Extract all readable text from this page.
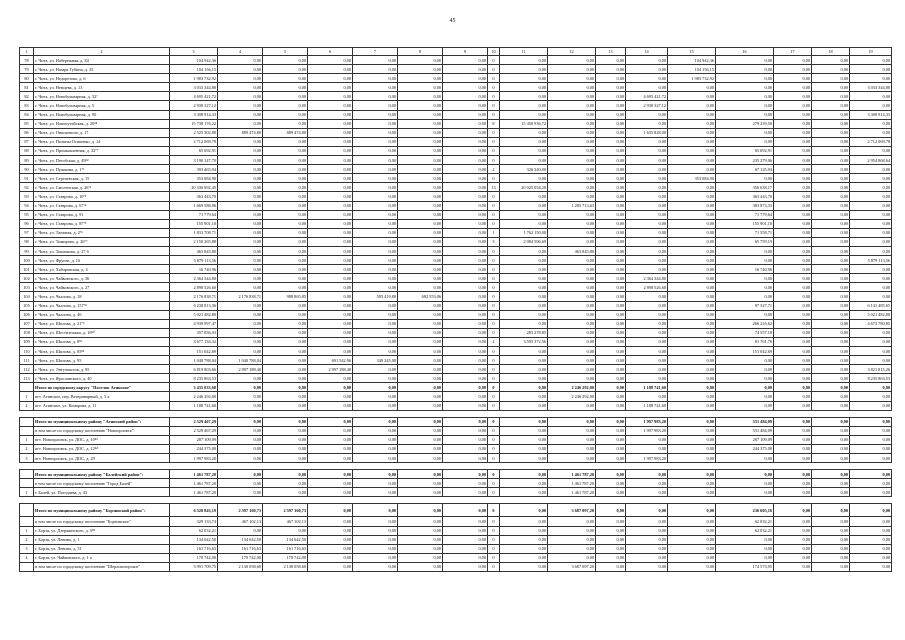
45
1	2	3	4	5	6	7	8	9	10	11	12	13	14	15	16	17	18	19
78	г. Чита, ул. Набережная, д. 84	104 942,36	0,00	0,00	0,00	0,00	0,00	0,00	0	0,00	0,00	0,00	0,00	104 942,36	0,00	0,00	0,00	0,00
79	г. Чита, ул. Назара Губина, д. 35	104 156,15	0,00	0,00	0,00	0,00	0,00	0,00	0	0,00	0,00	0,00	0,00	104 156,15	0,00	0,00	0,00	0,00
80	г. Чита, ул. Недорезова, д. 6	1 983 732,92	0,00	0,00	0,00	0,00	0,00	0,00	0	0,00	0,00	0,00	0,00	1 983 732,92	0,00	0,00	0,00	0,00
81	г. Чита, ул. Немцева, д. 13	3 033 344,80	0,00	0,00	0,00	0,00	0,00	0,00	0	0,00	0,00	0,00	0,00	0,00	0,00	0,00	0,00	3 033 344,80
82	г. Чита, ул. Новобульварная, д. 32⁷	4 695 421,72	0,00	0,00	0,00	0,00	0,00	0,00	0	0,00	0,00	0,00	4 695 421,72	0,00	0,00	0,00	0,00	0,00
83	г. Чита, ул. Новобульварная, д. 5	2 938 327,12	0,00	0,00	0,00	0,00	0,00	0,00	0	0,00	0,00	0,00	2 938 327,12	0,00	0,00	0,00	0,00	0,00
84	г. Чита, ул. Новобульварная, д. 90	3 308 914,33	0,00	0,00	0,00	0,00	0,00	0,00	0	0,00	0,00	0,00	0,00	0,00	0,00	0,00	0,00	3 308 914,33
85	г. Чита, ул. Новопутейская, д. 20⁵⁸	15 738 176,22	0,00	0,00	0,00	0,00	0,00	0,00	8	15 458 936,72	0,00	0,00	0,00	0,00	279 239,50	0,00	0,00	0,00
86	г. Чита, ул. Онискевича, д. 17	2 525 302,80	889 474,80	889 474,80	0,00	0,00	0,00	0,00	0	0,00	0,00	0,00	1 635 828,00	0,00	0,00	0,00	0,00	0,00
87	г. Чита, ул. Полины Осипенко, д. 14	2 712 069,78	0,00	0,00	0,00	0,00	0,00	0,00	0	0,00	0,00	0,00	0,00	0,00	0,00	0,00	0,00	2 712 069,78
88	г. Чита, ул. Промышленная, д. 32⁷⁷	65 692,91	0,00	0,00	0,00	0,00	0,00	0,00	0	0,00	0,00	0,00	0,00	0,00	65 692,91	0,00	0,00	0,00
89	г. Чита, ул. Петобская, д. 49⁶⁸	3 190 147,70	0,00	0,00	0,00	0,00	0,00	0,00	0	0,00	0,00	0,00	0,00	0,00	235 279,06	0,00	0,00	2 954 868,64
90	г. Чита, ул. Пушкина, д. 1⁷¹	393 465,94	0,00	0,00	0,00	0,00	0,00	0,00	2	326 340,00	0,00	0,00	0,00	0,00	67 125,94	0,00	0,00	0,00
91	г. Чита, ул. Сергиевская, д. 15	353 084,90	0,00	0,00	0,00	0,00	0,00	0,00	0	0,00	0,00	0,00	0,00	353 084,90	0,00	0,00	0,00	0,00
92	г. Чита, ул. Смоленская, д. 26⁷²	20 336 692,45	0,00	0,00	0,00	0,00	0,00	0,00	13	20 025 054,28	0,00	0,00	0,00	0,00	356 638,17	0,00	0,00	0,00
93	г. Чита, ул. Ставрова, д. 10⁷³	363 443,70	0,00	0,00	0,00	0,00	0,00	0,00	0	0,00	0,00	0,00	0,00	0,00	363 443,70	0,00	0,00	0,00
94	г. Чита, ул. Ставрова, д. 67⁷⁴	1 669 586,96	0,00	0,00	0,00	0,00	0,00	0,00	0	0,00	1 285 713,63	0,00	0,00	0,00	383 873,33	0,00	0,00	0,00
95	г. Чита, ул. Ставрова, д. 91	71 779,64	0,00	0,00	0,00	0,00	0,00	0,00	0	0,00	0,00	0,00	0,00	0,00	71 779,64	0,00	0,00	0,00
96	г. Чита, ул. Ставрова, д. 87⁷⁵	155 901,10	0,00	0,00	0,00	0,00	0,00	0,00	0	0,00	0,00	0,00	0,00	0,00	155 901,10	0,00	0,00	0,00
97	г. Чита, ул. Таежная, д. 2⁷⁶	1 833 708,71	0,00	0,00	0,00	0,00	0,00	0,00	1	1 762 150,00	0,00	0,00	0,00	0,00	71 558,71	0,00	0,00	0,00
98	г. Чита, ул. Тимирова, д. 26⁷⁷	2 150 265,88	0,00	0,00	0,00	0,00	0,00	0,00	3	2 084 506,69	0,00	0,00	0,00	0,00	65 759,19	0,00	0,00	0,00
99	г. Чита, ул. Токмакова, д. 27 б	463 845,80	0,00	0,00	0,00	0,00	0,00	0,00	0	0,00	463 845,80	0,00	0,00	0,00	0,00	0,00	0,00	0,00
100	г. Чита, ул. Фрунзе, д. 16	5 879 113,56	0,00	0,00	0,00	0,00	0,00	0,00	0	0,00	0,00	0,00	0,00	0,00	0,00	0,00	0,00	5 879 113,56
101	г. Чита, ул. Хабаровская, д. 4	16 740,96	0,00	0,00	0,00	0,00	0,00	0,00	0	0,00	0,00	0,00	0,00	0,00	16 740,96	0,00	0,00	0,00
102	г. Чита, ул. Чайковского, д. 36	2 364 344,80	0,00	0,00	0,00	0,00	0,00	0,00	0	0,00	0,00	0,00	2 364 344,80	0,00	0,00	0,00	0,00	0,00
103	г. Чита, ул. Чайковского, д. 27	2 898 526,60	0,00	0,00	0,00	0,00	0,00	0,00	0	0,00	0,00	0,00	2 898 526,60	0,00	0,00	0,00	0,00	0,00
104	г. Чита, ул. Чкалова, д. 18	2 176 838,71	2 176 838,71	988 865,85	0,00	505 419,80	682 553,06	0,00	0	0,00	0,00	0,00	0,00	0,00	0,00	0,00	0,00	0,00
105	г. Чита, ул. Чкалова, д. 157⁷⁸	6 238 813,36	0,00	0,00	0,00	0,00	0,00	0,00	0	0,00	0,00	0,00	0,00	0,00	97 327,71	0,00	0,00	6 141 485,65
106	г. Чита, ул. Чкалова, д. 46	5 021 482,80	0,00	0,00	0,00	0,00	0,00	0,00	0	0,00	0,00	0,00	0,00	0,00	0,00	0,00	0,00	5 021 482,80
107	г. Чита, ул. Шилова, д. 21⁷⁹	4 939 997,47	0,00	0,00	0,00	0,00	0,00	0,00	0	0,00	0,00	0,00	0,00	0,00	266 216,62	0,00	0,00	4 673 780,85
108	г. Чита, ул. Шестиэтажка, д. 16⁸⁰	357 836,03	0,00	0,00	0,00	0,00	0,00	0,00	0	283 278,85	0,00	0,00	0,00	0,00	74 557,18	0,00	0,00	0,00
109	г. Чита, ул. Шилова, д. 8⁸¹	3 677 134,32	0,00	0,00	0,00	0,00	0,00	0,00	2	3 595 372,56	0,00	0,00	0,00	0,00	81 761,76	0,00	0,00	0,00
110	г. Чита, ул. Шилова, д. 85⁸²	151 042,69	0,00	0,00	0,00	0,00	0,00	0,00	0	0,00	0,00	0,00	0,00	0,00	151 042,69	0,00	0,00	0,00
111	г. Чита, ул. Шилова, д. 95	1 040 788,04	1 040 788,04	0,00	691 542,96	349 245,08	0,00	0,00	0	0,00	0,00	0,00	0,00	0,00	0,00	0,00	0,00	0,00
112	г. Чита, ул. Энтузиастов, д. 95	6 819 803,66	2 997 188,40	0,00	2 997 188,40	0,00	0,00	0,00	0	0,00	0,00	0,00	0,00	0,00	0,00	0,00	0,00	3 821 815,26
113	г. Чита, ул. Ярославского, д. 40	8 235 863,53	0,00	0,00	0,00	0,00	0,00	0,00	0	0,00	0,00	0,00	0,00	0,00	0,00	0,00	0,00	8 235 863,53
	Итого по городскому округу "Поселок Агинское"	3 435 033,60	0,00	0,00	0,00	0,00	0,00	0,00	0	0,00	2 246 292,00	0,00	1 188 741,60	0,00	0,00	0,00	0,00	0,00
1	пгт. Агинское, пер. Ветеринарный, д. 3 а	2 246 292,00	0,00	0,00	0,00	0,00	0,00	0,00	0	0,00	2 246 292,00	0,00	0,00	0,00	0,00	0,00	0,00	0,00
2	пгт. Агинское, ул. Комарова, д. 11	1 188 741,60	0,00	0,00	0,00	0,00	0,00	0,00	0	0,00	0,00	0,00	1 188 741,60	0,00	0,00	0,00	0,00	0,00

	Итого по муниципальному району "Агинский район":	2 529 467,29	0,00	0,00	0,00	0,00	0,00	0,00	0	0,00	0,00	0,00	1 997 983,20	0,00	531 484,09	0,00	0,00	0,00
	в том числе по городскому поселению "Новоорловск":	2 529 467,29	0,00	0,00	0,00	0,00	0,00	0,00	0	0,00	0,00	0,00	1 997 983,20	0,00	531 484,09	0,00	0,00	0,00
1	пгт. Новоорловск, ул. ДОС, д. 10⁸³	287 109,09	0,00	0,00	0,00	0,00	0,00	0,00	0	0,00	0,00	0,00	0,00	0,00	287 109,09	0,00	0,00	0,00
2	пгт. Новоорловск, ул. ДОС, д. 12⁸⁴	244 375,00	0,00	0,00	0,00	0,00	0,00	0,00	0	0,00	0,00	0,00	0,00	0,00	244 375,00	0,00	0,00	0,00
3	пгт. Новоорловск, ул. ДОС, д. 29	1 997 983,20	0,00	0,00	0,00	0,00	0,00	0,00	0	0,00	0,00	0,00	1 997 983,20	0,00	0,00	0,00	0,00	0,00

	Итого по муниципальному району "Балейский район":	1 461 787,20	0,00	0,00	0,00	0,00	0,00	0,00	0	0,00	1 461 787,20	0,00	0,00	0,00	0,00	0,00	0,00	0,00
	в том числе по городскому поселению "Город Балей"	1 461 787,20	0,00	0,00	0,00	0,00	0,00	0,00	0	0,00	1 461 787,20	0,00	0,00	0,00	0,00	0,00	0,00	0,00
1	г. Балей, ул. Погодаева, д. 43	1 461 787,20	0,00	0,00	0,00	0,00	0,00	0,00	0	0,00	1 461 787,20	0,00	0,00	0,00	0,00	0,00	0,00	0,00

	Итого по муниципальному району "Борзинский район":	6 520 843,19	2 597 160,73	2 597 160,73	0,00	0,00	0,00	0,00	0	0,00	3 687 097,20	0,00	0,00	0,00	236 605,16	0,00	0,00	0,00
	в том числе по городскому поселению "Борзинское"	329 133,74	467 102,13	467 102,13	0,00	0,00	0,00	0,00	0	0,00	0,00	0,00	0,00	0,00	62 032,21	0,00	0,00	0,00
1	г. Борзя, ул. Дзержинского, д. 5⁸⁵	62 032,21	0,00	0,00	0,00	0,00	0,00	0,00	0	0,00	0,00	0,00	0,00	0,00	62 032,21	0,00	0,00	0,00
2	г. Борзя, ул. Ленина, д. 1	134 642,50	134 642,50	134 642,50	0,00	0,00	0,00	0,00	0	0,00	0,00	0,00	0,00	0,00	0,00	0,00	0,00	0,00
3	г. Борзя, ул. Ленина, д. 51	161 716,63	161 716,63	161 716,63	0,00	0,00	0,00	0,00	0	0,00	0,00	0,00	0,00	0,00	0,00	0,00	0,00	0,00
4	г. Борзя, ул. Чайковского, д. 1 а	170 742,00	170 742,00	170 742,00	0,00	0,00	0,00	0,00	0	0,00	0,00	0,00	0,00	0,00	0,00	0,00	0,00	0,00
	в том числе по городскому поселению "Шерловогорское"	5 991 709,75	2 130 058,60	2 130 058,60	0,00	0,00	0,00	0,00	0	0,00	3 687 097,20	0,00	0,00	0,00	174 573,95	0,00	0,00	0,00
